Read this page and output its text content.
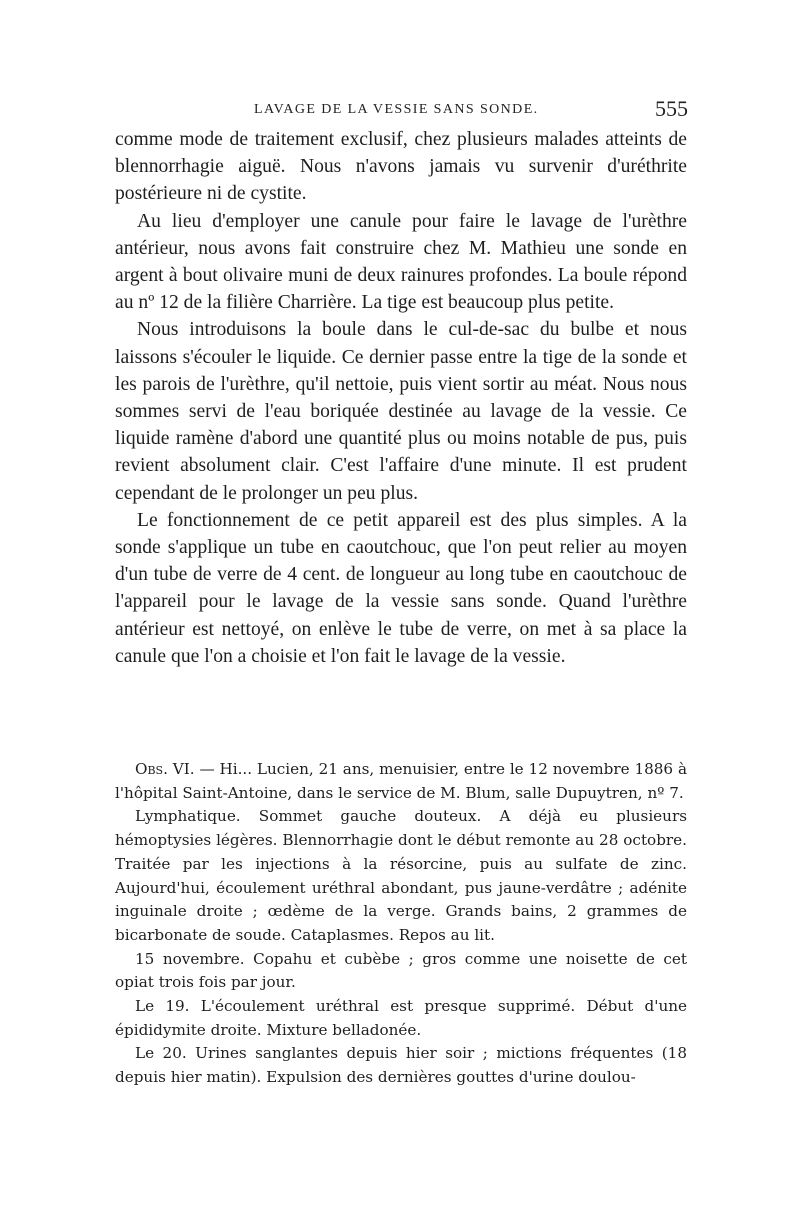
LAVAGE DE LA VESSIE SANS SONDE.	555

comme mode de traitement exclusif, chez plusieurs malades atteints de blennorrhagie aiguë. Nous n'avons jamais vu survenir d'uréthrite postérieure ni de cystite.

Au lieu d'employer une canule pour faire le lavage de l'urèthre antérieur, nous avons fait construire chez M. Mathieu une sonde en argent à bout olivaire muni de deux rainures profondes. La boule répond au nº 12 de la filière Charrière. La tige est beaucoup plus petite.

Nous introduisons la boule dans le cul-de-sac du bulbe et nous laissons s'écouler le liquide. Ce dernier passe entre la tige de la sonde et les parois de l'urèthre, qu'il nettoie, puis vient sortir au méat. Nous nous sommes servi de l'eau boriquée destinée au lavage de la vessie. Ce liquide ramène d'abord une quantité plus ou moins notable de pus, puis revient absolument clair. C'est l'affaire d'une minute. Il est prudent cependant de le prolonger un peu plus.

Le fonctionnement de ce petit appareil est des plus simples. A la sonde s'applique un tube en caoutchouc, que l'on peut relier au moyen d'un tube de verre de 4 cent. de longueur au long tube en caoutchouc de l'appareil pour le lavage de la vessie sans sonde. Quand l'urèthre antérieur est nettoyé, on enlève le tube de verre, on met à sa place la canule que l'on a choisie et l'on fait le lavage de la vessie.

Obs. VI. — Hi... Lucien, 21 ans, menuisier, entre le 12 novembre 1886 à l'hôpital Saint-Antoine, dans le service de M. Blum, salle Dupuytren, nº 7.

Lymphatique. Sommet gauche douteux. A déjà eu plusieurs hémoptysies légères. Blennorrhagie dont le début remonte au 28 octobre. Traitée par les injections à la résorcine, puis au sulfate de zinc. Aujourd'hui, écoulement uréthral abondant, pus jaune-verdâtre ; adénite inguinale droite ; œdème de la verge. Grands bains, 2 grammes de bicarbonate de soude. Cataplasmes. Repos au lit.

15 novembre. Copahu et cubèbe ; gros comme une noisette de cet opiat trois fois par jour.

Le 19. L'écoulement uréthral est presque supprimé. Début d'une épididymite droite. Mixture belladonée.

Le 20. Urines sanglantes depuis hier soir ; mictions fréquentes (18 depuis hier matin). Expulsion des dernières gouttes d'urine doulou-
